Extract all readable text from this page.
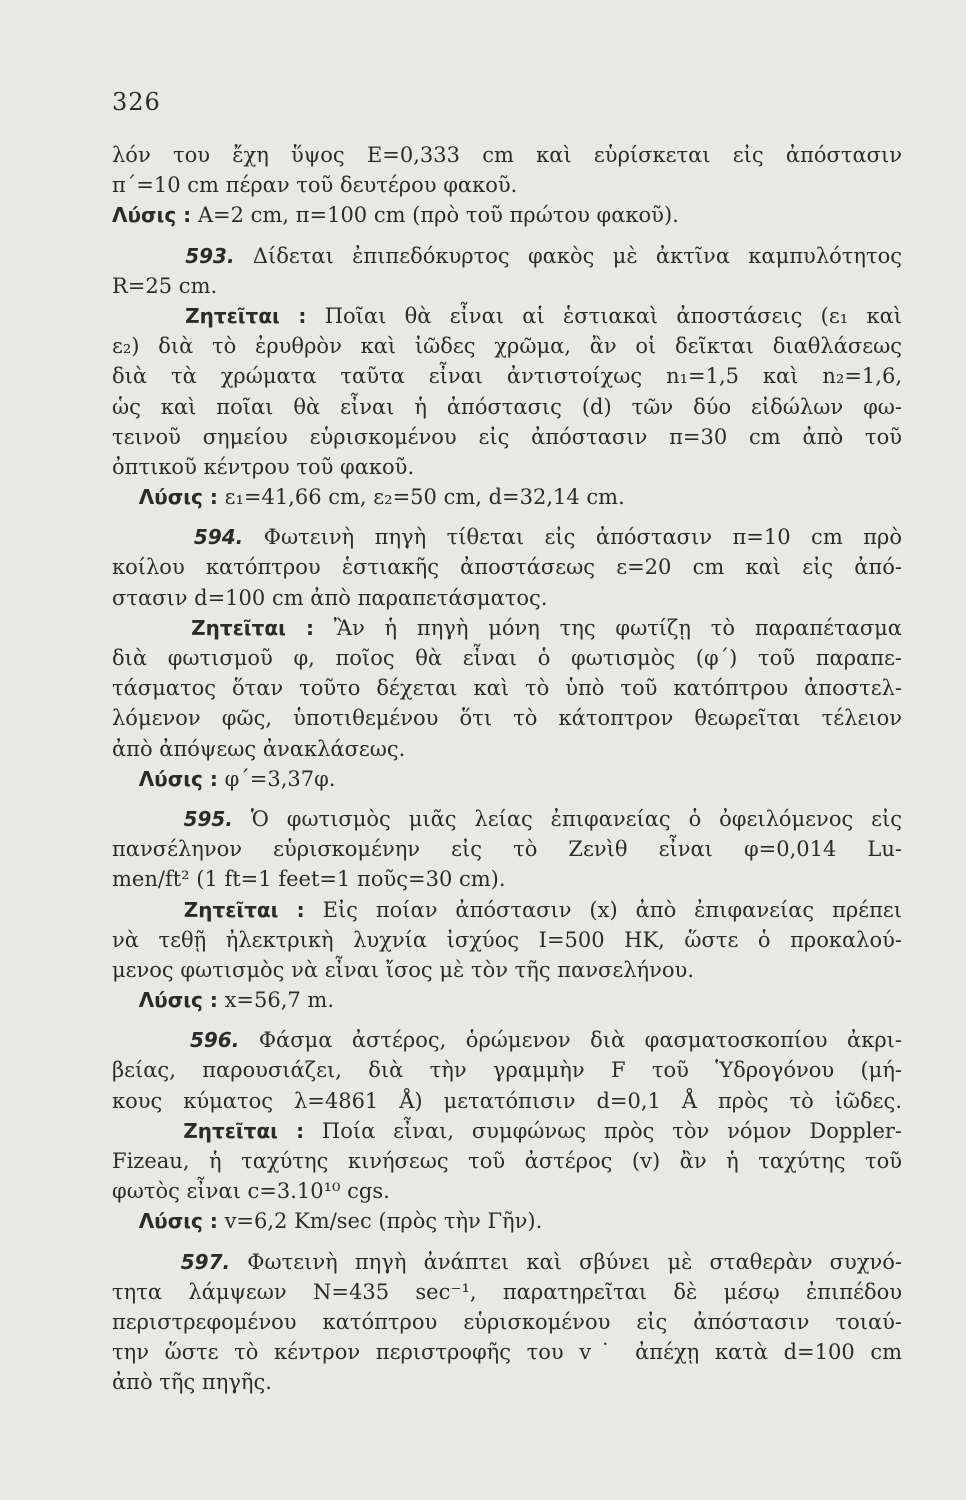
326
λόν του ἔχη ὕψος Ε=0,333 cm καὶ εὑρίσκεται εἰς ἀπόστασιν
π΄=10 cm πέραν τοῦ δευτέρου φακοῦ.
Λύσις : Α=2 cm, π=100 cm (πρὸ τοῦ πρώτου φακοῦ).
593. Δίδεται ἐπιπεδόκυρτος φακὸς μὲ ἀκτῖνα καμπυλότητος
R=25 cm.
Ζητεῖται : Ποῖαι θὰ εἶναι αἱ ἑστιακαὶ ἀποστάσεις (ε₁ καὶ
ε₂) διὰ τὸ ἐρυθρὸν καὶ ἰῶδες χρῶμα, ἂν οἱ δεῖκται διαθλάσεως
διὰ τὰ χρώματα ταῦτα εἶναι ἀντιστοίχως n₁=1,5 καὶ n₂=1,6,
ὡς καὶ ποῖαι θὰ εἶναι ἡ ἀπόστασις (d) τῶν δύο εἰδώλων φω-
τεινοῦ σημείου εὑρισκομένου εἰς ἀπόστασιν π=30 cm ἀπὸ τοῦ
ὀπτικοῦ κέντρου τοῦ φακοῦ.
Λύσις : ε₁=41,66 cm, ε₂=50 cm, d=32,14 cm.
594. Φωτεινὴ πηγὴ τίθεται εἰς ἀπόστασιν π=10 cm πρὸ
κοίλου κατόπτρου ἑστιακῆς ἀποστάσεως ε=20 cm καὶ εἰς ἀπό-
στασιν d=100 cm ἀπὸ παραπετάσματος.
Ζητεῖται : Ἂν ἡ πηγὴ μόνη της φωτίζῃ τὸ παραπέτασμα
διὰ φωτισμοῦ φ, ποῖος θὰ εἶναι ὁ φωτισμὸς (φ΄) τοῦ παραπε-
τάσματος ὅταν τοῦτο δέχεται καὶ τὸ ὑπὸ τοῦ κατόπτρου ἀποστελ-
λόμενον φῶς, ὑποτιθεμένου ὅτι τὸ κάτοπτρον θεωρεῖται τέλειον
ἀπὸ ἀπόψεως ἀνακλάσεως.
Λύσις : φ΄=3,37φ.
595. Ὁ φωτισμὸς μιᾶς λείας ἐπιφανείας ὁ ὀφειλόμενος εἰς
πανσέληνον εὑρισκομένην εἰς τὸ Ζενὶθ εἶναι φ=0,014 Lu-
men/ft² (1 ft=1 feet=1 ποῦς=30 cm).
Ζητεῖται : Εἰς ποίαν ἀπόστασιν (x) ἀπὸ ἐπιφανείας πρέπει
νὰ τεθῇ ἠλεκτρικὴ λυχνία ἰσχύος I=500 ΗΚ, ὥστε ὁ προκαλού-
μενος φωτισμὸς νὰ εἶναι ἴσος μὲ τὸν τῆς πανσελήνου.
Λύσις : x=56,7 m.
596. Φάσμα ἀστέρος, ὁρώμενον διὰ φασματοσκοπίου ἀκρι-
βείας, παρουσιάζει, διὰ τὴν γραμμὴν F τοῦ Ὑδρογόνου (μή-
κους κύματος λ=4861 Å) μετατόπισιν d=0,1 Å πρὸς τὸ ἰῶδες.
Ζητεῖται : Ποία εἶναι, συμφώνως πρὸς τὸν νόμον Doppler-
Fizeau, ἡ ταχύτης κινήσεως τοῦ ἀστέρος (v) ἂν ἡ ταχύτης τοῦ
φωτὸς εἶναι c=3.10¹⁰ cgs.
Λύσις : v=6,2 Km/sec (πρὸς τὴν Γῆν).
597. Φωτεινὴ πηγὴ ἀνάπτει καὶ σβύνει μὲ σταθερὰν συχνό-
τητα λάμψεων N=435 sec⁻¹, παρατηρεῖται δὲ μέσῳ ἐπιπέδου
περιστρεφομένου κατόπτρου εὑρισκομένου εἰς ἀπόστασιν τοιαύ-
την ὥστε τὸ κέντρον περιστροφῆς του v˙ ἀπέχῃ κατὰ d=100 cm
ἀπὸ τῆς πηγῆς.
